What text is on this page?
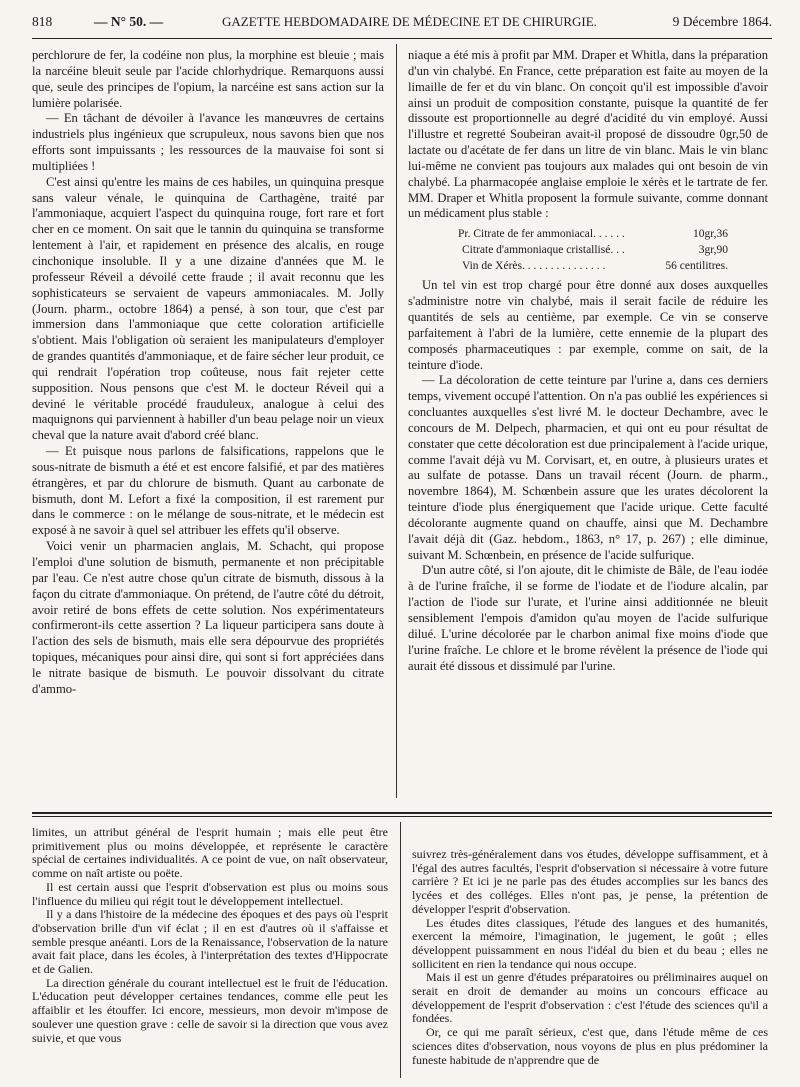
818	— N° 50. —	GAZETTE HEBDOMADAIRE DE MÉDECINE ET DE CHIRURGIE.	9 Décembre 1864.

perchlorure de fer, la codéine non plus, la morphine est bleuie ; mais la narcéine bleuit seule par l'acide chlorhydrique. Remarquons aussi que, seule des principes de l'opium, la narcéine est sans action sur la lumière polarisée.

— En tâchant de dévoiler à l'avance les manœuvres de certains industriels plus ingénieux que scrupuleux, nous savons bien que nos efforts sont impuissants ; les ressources de la mauvaise foi sont si multipliées !

C'est ainsi qu'entre les mains de ces habiles, un quinquina presque sans valeur vénale, le quinquina de Carthagène, traité par l'ammoniaque, acquiert l'aspect du quinquina rouge, fort rare et fort cher en ce moment. On sait que le tannin du quinquina se transforme lentement à l'air, et rapidement en présence des alcalis, en rouge cinchonique insoluble. Il y a une dizaine d'années que M. le professeur Réveil a dévoilé cette fraude ; il avait reconnu que les sophisticateurs se servaient de vapeurs ammoniacales. M. Jolly (Journ. pharm., octobre 1864) a pensé, à son tour, que c'est par immersion dans l'ammoniaque que cette coloration artificielle s'obtient. Mais l'obligation où seraient les manipulateurs d'employer de grandes quantités d'ammoniaque, et de faire sécher leur produit, ce qui rendrait l'opération trop coûteuse, nous fait rejeter cette supposition. Nous pensons que c'est M. le docteur Réveil qui a deviné le véritable procédé frauduleux, analogue à celui des maquignons qui parviennent à habiller d'un beau pelage noir un vieux cheval que la nature avait d'abord créé blanc.

— Et puisque nous parlons de falsifications, rappelons que le sous-nitrate de bismuth a été et est encore falsifié, et par des matières étrangères, et par du chlorure de bismuth. Quant au carbonate de bismuth, dont M. Lefort a fixé la composition, il est rarement pur dans le commerce : on le mélange de sous-nitrate, et le médecin est exposé à ne savoir à quel sel attribuer les effets qu'il observe.

Voici venir un pharmacien anglais, M. Schacht, qui propose l'emploi d'une solution de bismuth, permanente et non précipitable par l'eau. Ce n'est autre chose qu'un citrate de bismuth, dissous à la façon du citrate d'ammoniaque. On prétend, de l'autre côté du détroit, avoir retiré de bons effets de cette solution. Nos expérimentateurs confirmeront-ils cette assertion ? La liqueur participera sans doute à l'action des sels de bismuth, mais elle sera dépourvue des propriétés topiques, mécaniques pour ainsi dire, qui sont si fort appréciées dans le nitrate basique de bismuth. Le pouvoir dissolvant du citrate d'ammo-

niaque a été mis à profit par MM. Draper et Whitla, dans la préparation d'un vin chalybé. En France, cette préparation est faite au moyen de la limaille de fer et du vin blanc. On conçoit qu'il est impossible d'avoir ainsi un produit de composition constante, puisque la quantité de fer dissoute est proportionnelle au degré d'acidité du vin employé. Aussi l'illustre et regretté Soubeiran avait-il proposé de dissoudre 0gr,50 de lactate ou d'acétate de fer dans un litre de vin blanc. Mais le vin blanc lui-même ne convient pas toujours aux malades qui ont besoin de vin chalybé. La pharmacopée anglaise emploie le xérès et le tartrate de fer. MM. Draper et Whitla proposent la formule suivante, comme donnant un médicament plus stable :

Pr. Citrate de fer ammoniacal. . . . . .	10gr,36
Citrate d'ammoniaque cristallisé. . .	3gr,90
Vin de Xérès. . . . . . . . . . . . . . .	56 centilitres.

Un tel vin est trop chargé pour être donné aux doses auxquelles s'administre notre vin chalybé, mais il serait facile de réduire les quantités de sels au centième, par exemple. Ce vin se conserve parfaitement à l'abri de la lumière, cette ennemie de la plupart des composés pharmaceutiques : par exemple, comme on sait, de la teinture d'iode.

— La décoloration de cette teinture par l'urine a, dans ces derniers temps, vivement occupé l'attention. On n'a pas oublié les expériences si concluantes auxquelles s'est livré M. le docteur Dechambre, avec le concours de M. Delpech, pharmacien, et qui ont eu pour résultat de constater que cette décoloration est due principalement à l'acide urique, comme l'avait déjà vu M. Corvisart, et, en outre, à plusieurs urates et au sulfate de potasse. Dans un travail récent (Journ. de pharm., novembre 1864), M. Schœnbein assure que les urates décolorent la teinture d'iode plus énergiquement que l'acide urique. Cette faculté décolorante augmente quand on chauffe, ainsi que M. Dechambre l'avait déjà dit (Gaz. hebdom., 1863, n° 17, p. 267) ; elle diminue, suivant M. Schœnbein, en présence de l'acide sulfurique.

D'un autre côté, si l'on ajoute, dit le chimiste de Bâle, de l'eau iodée à de l'urine fraîche, il se forme de l'iodate et de l'iodure alcalin, par l'action de l'iode sur l'urate, et l'urine ainsi additionnée ne bleuit sensiblement l'empois d'amidon qu'au moyen de l'acide sulfurique dilué. L'urine décolorée par le charbon animal fixe moins d'iode que l'urine fraîche. Le chlore et le brome révèlent la présence de l'iode qui aurait été dissous et dissimulé par l'urine.

limites, un attribut général de l'esprit humain ; mais elle peut être primitivement plus ou moins développée, et représente le caractère spécial de certaines individualités. A ce point de vue, on naît observateur, comme on naît artiste ou poëte.

Il est certain aussi que l'esprit d'observation est plus ou moins sous l'influence du milieu qui régit tout le développement intellectuel.

Il y a dans l'histoire de la médecine des époques et des pays où l'esprit d'observation brille d'un vif éclat ; il en est d'autres où il s'affaisse et semble presque anéanti. Lors de la Renaissance, l'observation de la nature avait fait place, dans les écoles, à l'interprétation des textes d'Hippocrate et de Galien.

La direction générale du courant intellectuel est le fruit de l'éducation. L'éducation peut développer certaines tendances, comme elle peut les affaiblir et les étouffer. Ici encore, messieurs, mon devoir m'impose de soulever une question grave : celle de savoir si la direction que vous avez suivie, et que vous

suivrez très-généralement dans vos études, développe suffisamment, et à l'égal des autres facultés, l'esprit d'observation si nécessaire à votre future carrière ? Et ici je ne parle pas des études accomplies sur les bancs des lycées et des colléges. Elles n'ont pas, je pense, la prétention de développer l'esprit d'observation.

Les études dites classiques, l'étude des langues et des humanités, exercent la mémoire, l'imagination, le jugement, le goût ; elles développent puissamment en nous l'idéal du bien et du beau ; elles ne sollicitent en rien la tendance qui nous occupe.

Mais il est un genre d'études préparatoires ou préliminaires auquel on serait en droit de demander au moins un concours efficace au développement de l'esprit d'observation : c'est l'étude des sciences qu'il a fondées.

Or, ce qui me paraît sérieux, c'est que, dans l'étude même de ces sciences dites d'observation, nous voyons de plus en plus prédominer la funeste habitude de n'apprendre que de
